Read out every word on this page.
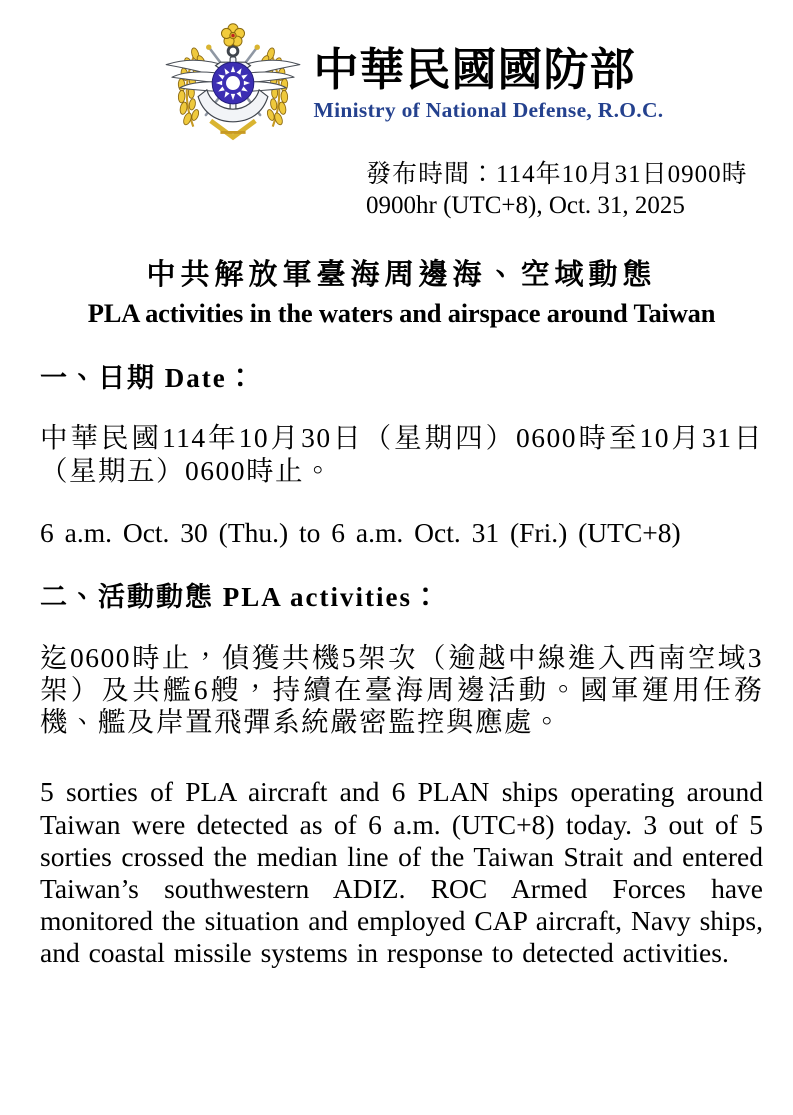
中華民國國防部
Ministry of National Defense, R.O.C.
發布時間：114年10月31日0900時
0900hr (UTC+8), Oct. 31, 2025
中共解放軍臺海周邊海、空域動態
PLA activities in the waters and airspace around Taiwan
一、日期 Date：

中華民國114年10月30日（星期四）0600時至10月31日（星期五）0600時止。

6 a.m. Oct. 30 (Thu.) to 6 a.m. Oct. 31 (Fri.) (UTC+8)

二、活動動態 PLA activities：

迄0600時止，偵獲共機5架次（逾越中線進入西南空域3架）及共艦6艘，持續在臺海周邊活動。國軍運用任務機、艦及岸置飛彈系統嚴密監控與應處。

5 sorties of PLA aircraft and 6 PLAN ships operating around Taiwan were detected as of 6 a.m. (UTC+8) today. 3 out of 5 sorties crossed the median line of the Taiwan Strait and entered Taiwan’s southwestern ADIZ. ROC Armed Forces have monitored the situation and employed CAP aircraft, Navy ships, and coastal missile systems in response to detected activities.
